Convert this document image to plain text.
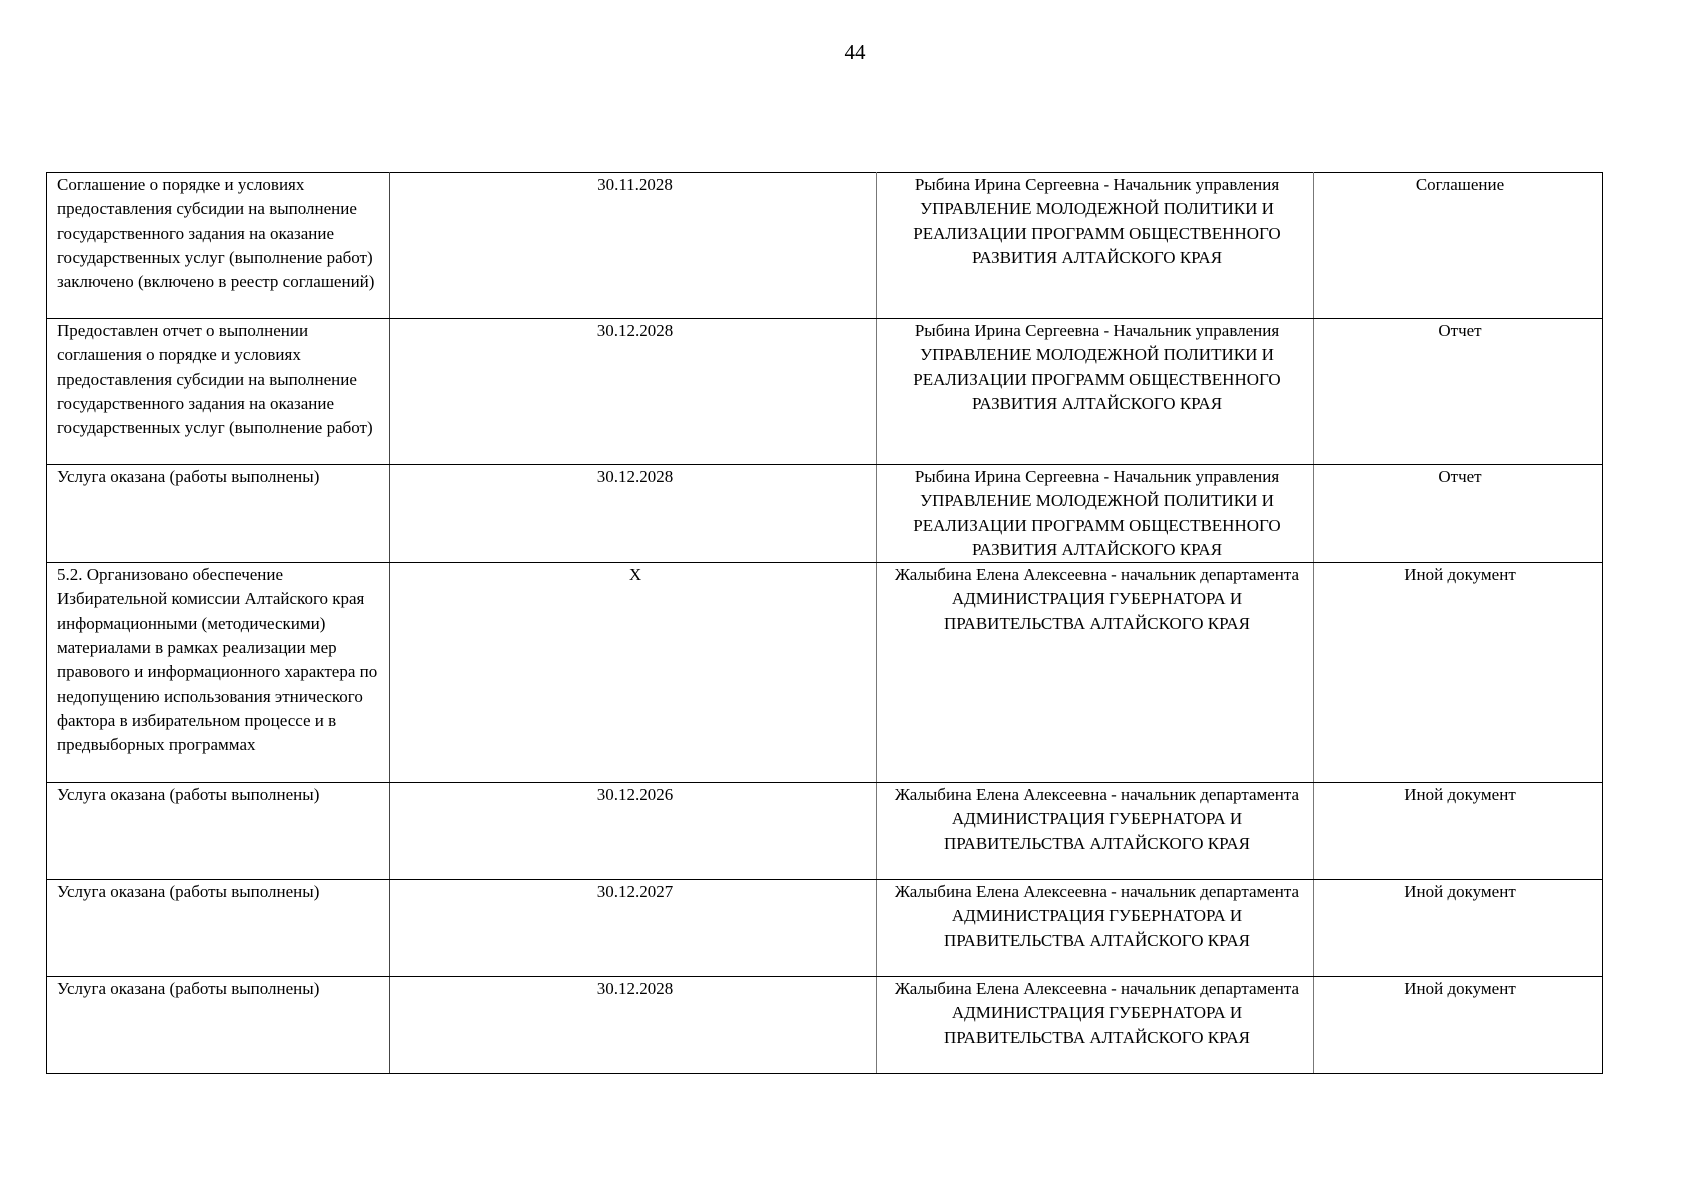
44
Соглашение о порядке и условиях предоставления субсидии на выполнение государственного задания на оказание государственных услуг (выполнение работ) заключено (включено в реестр соглашений)	30.11.2028	Рыбина Ирина Сергеевна - Начальник управления
УПРАВЛЕНИЕ МОЛОДЕЖНОЙ ПОЛИТИКИ И РЕАЛИЗАЦИИ ПРОГРАММ ОБЩЕСТВЕННОГО РАЗВИТИЯ АЛТАЙСКОГО КРАЯ	Соглашение
Предоставлен отчет о выполнении соглашения о порядке и условиях предоставления субсидии на выполнение государственного задания на оказание государственных услуг (выполнение работ)	30.12.2028	Рыбина Ирина Сергеевна - Начальник управления
УПРАВЛЕНИЕ МОЛОДЕЖНОЙ ПОЛИТИКИ И РЕАЛИЗАЦИИ ПРОГРАММ ОБЩЕСТВЕННОГО РАЗВИТИЯ АЛТАЙСКОГО КРАЯ	Отчет
Услуга оказана (работы выполнены)	30.12.2028	Рыбина Ирина Сергеевна - Начальник управления
УПРАВЛЕНИЕ МОЛОДЕЖНОЙ ПОЛИТИКИ И РЕАЛИЗАЦИИ ПРОГРАММ ОБЩЕСТВЕННОГО РАЗВИТИЯ АЛТАЙСКОГО КРАЯ	Отчет
5.2. Организовано обеспечение Избирательной комиссии Алтайского края информационными (методическими) материалами в рамках реализации мер правового и информационного характера по недопущению использования этнического фактора в избирательном процессе и в предвыборных программах	X	Жалыбина Елена Алексеевна - начальник департамента
АДМИНИСТРАЦИЯ ГУБЕРНАТОРА И ПРАВИТЕЛЬСТВА АЛТАЙСКОГО КРАЯ	Иной документ
Услуга оказана (работы выполнены)	30.12.2026	Жалыбина Елена Алексеевна - начальник департамента
АДМИНИСТРАЦИЯ ГУБЕРНАТОРА И ПРАВИТЕЛЬСТВА АЛТАЙСКОГО КРАЯ	Иной документ
Услуга оказана (работы выполнены)	30.12.2027	Жалыбина Елена Алексеевна - начальник департамента
АДМИНИСТРАЦИЯ ГУБЕРНАТОРА И ПРАВИТЕЛЬСТВА АЛТАЙСКОГО КРАЯ	Иной документ
Услуга оказана (работы выполнены)	30.12.2028	Жалыбина Елена Алексеевна - начальник департамента
АДМИНИСТРАЦИЯ ГУБЕРНАТОРА И ПРАВИТЕЛЬСТВА АЛТАЙСКОГО КРАЯ	Иной документ
